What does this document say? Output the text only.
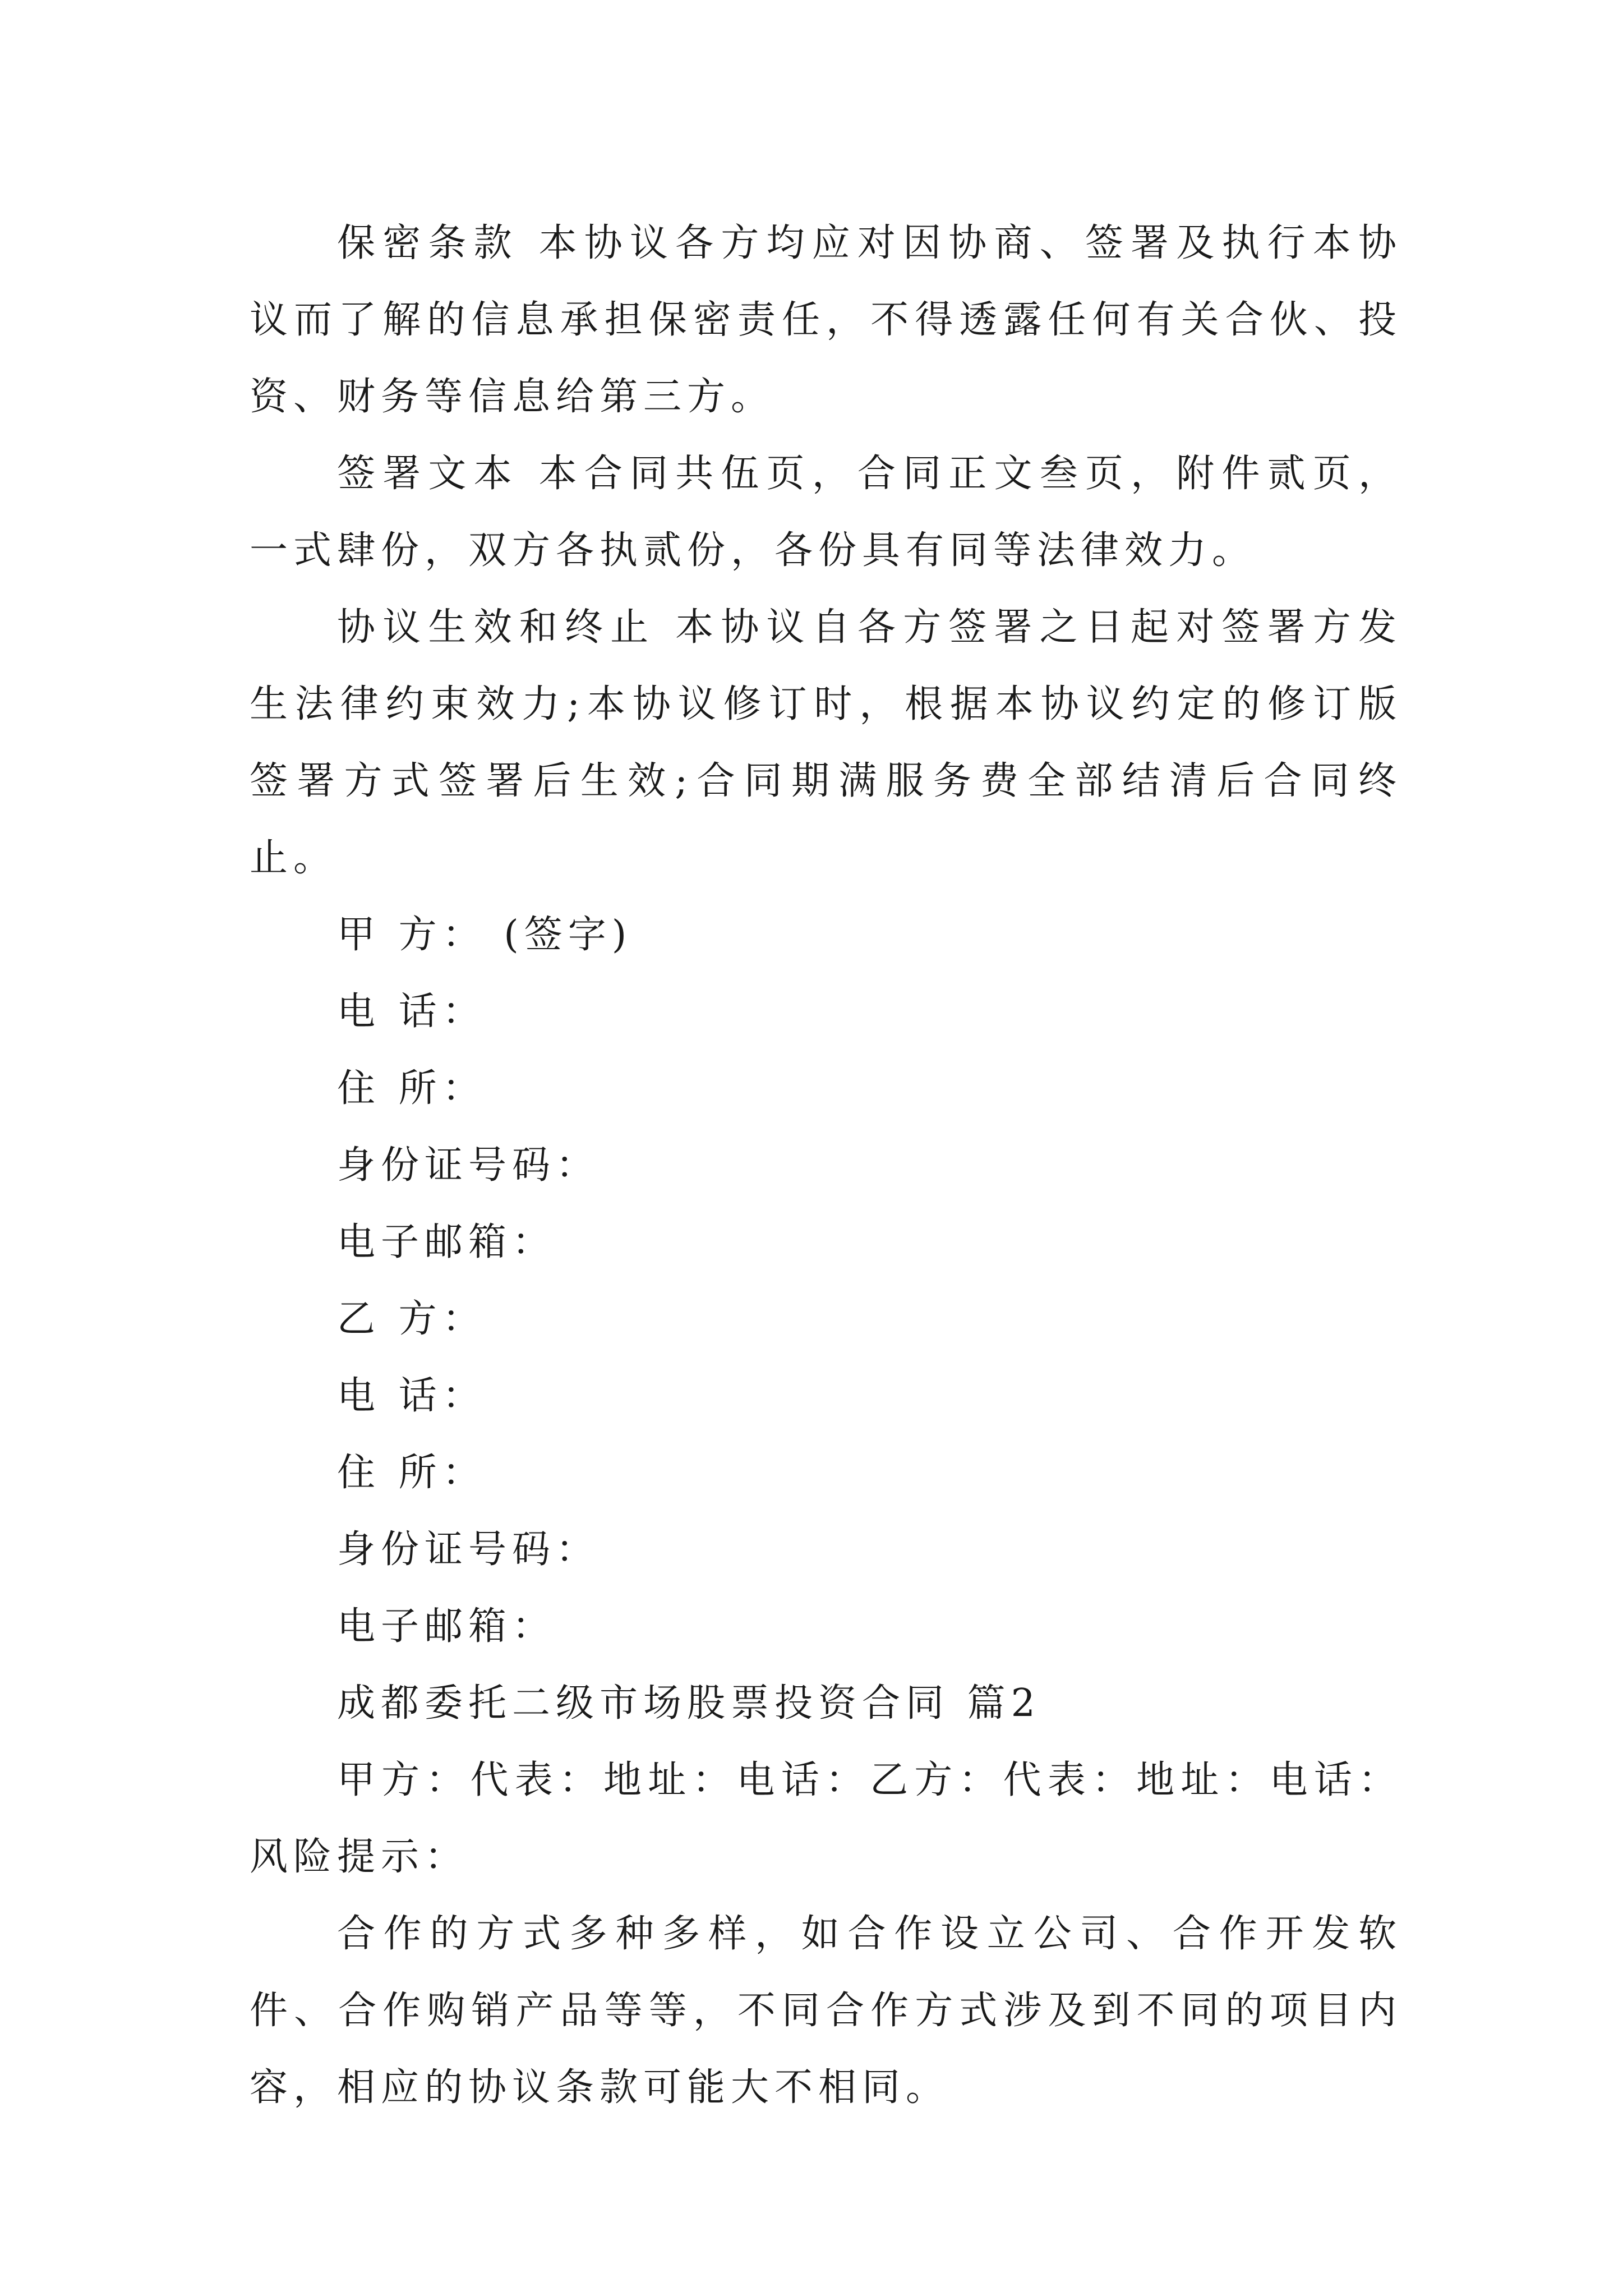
保密条款 本协议各方均应对因协商、签署及执行本协议而了解的信息承担保密责任，不得透露任何有关合伙、投资、财务等信息给第三方。

签署文本 本合同共伍页，合同正文叁页，附件贰页，一式肆份，双方各执贰份，各份具有同等法律效力。

协议生效和终止 本协议自各方签署之日起对签署方发生法律约束效力;本协议修订时，根据本协议约定的修订版签署方式签署后生效;合同期满服务费全部结清后合同终止。

甲 方： (签字)

电 话：

住 所：

身份证号码：

电子邮箱：

乙 方：

电 话：

住 所：

身份证号码：

电子邮箱：

成都委托二级市场股票投资合同 篇2

甲方：代表：地址：电话：乙方：代表：地址：电话：风险提示：

合作的方式多种多样，如合作设立公司、合作开发软件、合作购销产品等等，不同合作方式涉及到不同的项目内容，相应的协议条款可能大不相同。
